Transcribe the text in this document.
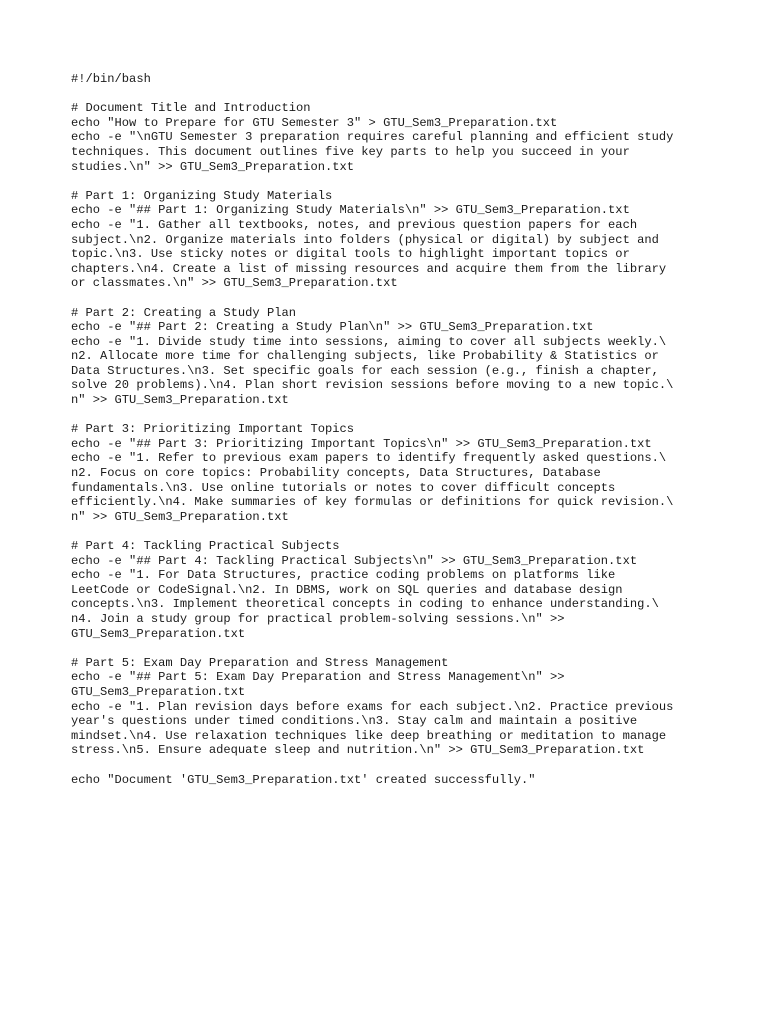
#!/bin/bash

# Document Title and Introduction

echo "How to Prepare for GTU Semester 3" > GTU_Sem3_Preparation.txt

echo -e "\nGTU Semester 3 preparation requires careful planning and efficient study

techniques. This document outlines five key parts to help you succeed in your

studies.\n" >> GTU_Sem3_Preparation.txt

# Part 1: Organizing Study Materials

echo -e "## Part 1: Organizing Study Materials\n" >> GTU_Sem3_Preparation.txt

echo -e "1. Gather all textbooks, notes, and previous question papers for each

subject.\n2. Organize materials into folders (physical or digital) by subject and

topic.\n3. Use sticky notes or digital tools to highlight important topics or

chapters.\n4. Create a list of missing resources and acquire them from the library

or classmates.\n" >> GTU_Sem3_Preparation.txt

# Part 2: Creating a Study Plan

echo -e "## Part 2: Creating a Study Plan\n" >> GTU_Sem3_Preparation.txt

echo -e "1. Divide study time into sessions, aiming to cover all subjects weekly.\

n2. Allocate more time for challenging subjects, like Probability & Statistics or

Data Structures.\n3. Set specific goals for each session (e.g., finish a chapter,

solve 20 problems).\n4. Plan short revision sessions before moving to a new topic.\

n" >> GTU_Sem3_Preparation.txt

# Part 3: Prioritizing Important Topics

echo -e "## Part 3: Prioritizing Important Topics\n" >> GTU_Sem3_Preparation.txt

echo -e "1. Refer to previous exam papers to identify frequently asked questions.\

n2. Focus on core topics: Probability concepts, Data Structures, Database

fundamentals.\n3. Use online tutorials or notes to cover difficult concepts

efficiently.\n4. Make summaries of key formulas or definitions for quick revision.\

n" >> GTU_Sem3_Preparation.txt

# Part 4: Tackling Practical Subjects

echo -e "## Part 4: Tackling Practical Subjects\n" >> GTU_Sem3_Preparation.txt

echo -e "1. For Data Structures, practice coding problems on platforms like

LeetCode or CodeSignal.\n2. In DBMS, work on SQL queries and database design

concepts.\n3. Implement theoretical concepts in coding to enhance understanding.\

n4. Join a study group for practical problem-solving sessions.\n" >>

GTU_Sem3_Preparation.txt

# Part 5: Exam Day Preparation and Stress Management

echo -e "## Part 5: Exam Day Preparation and Stress Management\n" >>

GTU_Sem3_Preparation.txt

echo -e "1. Plan revision days before exams for each subject.\n2. Practice previous

year's questions under timed conditions.\n3. Stay calm and maintain a positive

mindset.\n4. Use relaxation techniques like deep breathing or meditation to manage

stress.\n5. Ensure adequate sleep and nutrition.\n" >> GTU_Sem3_Preparation.txt

echo "Document 'GTU_Sem3_Preparation.txt' created successfully."
